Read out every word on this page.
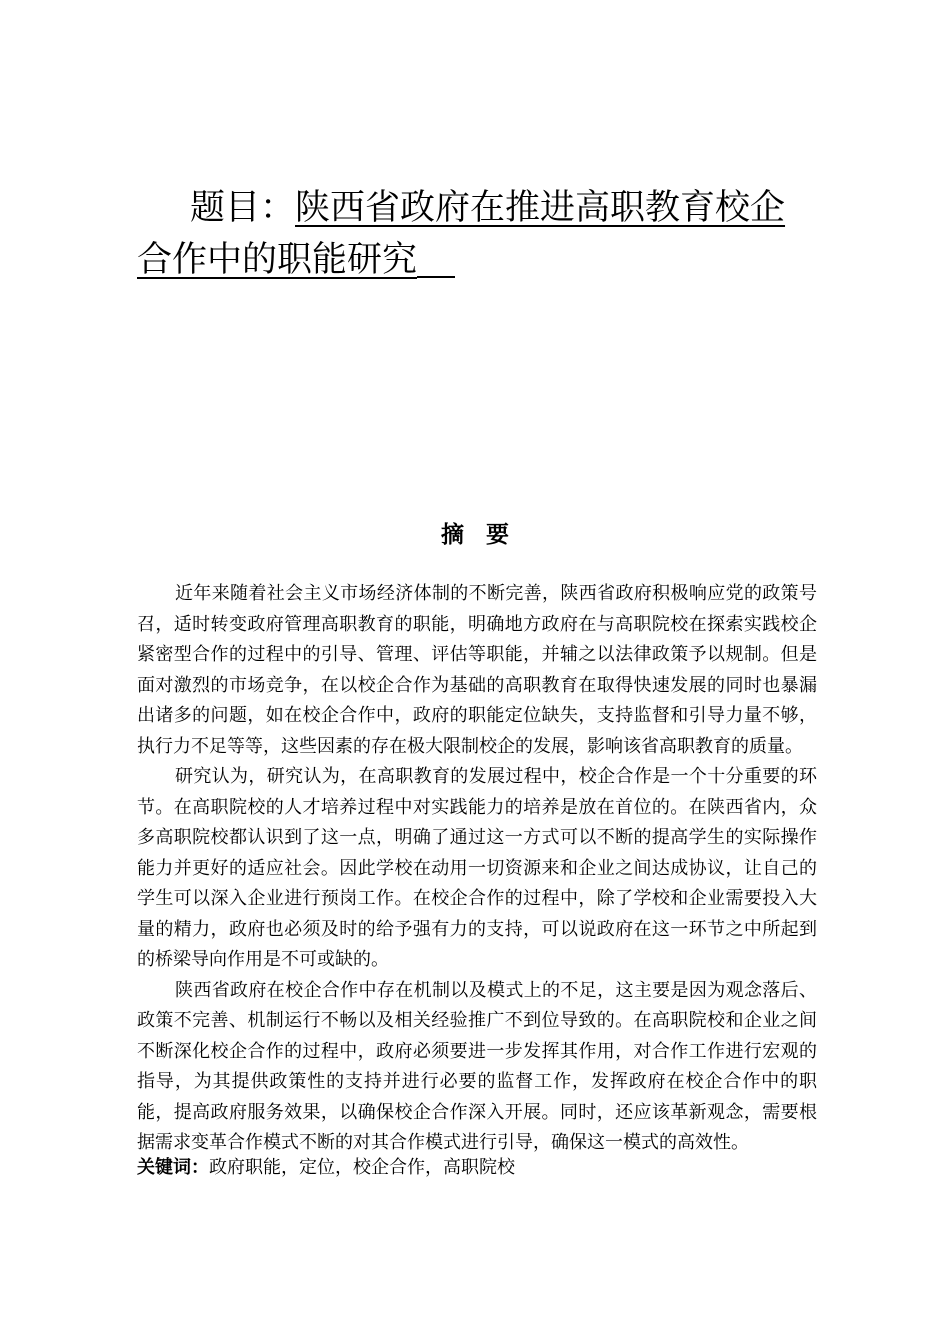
题目：陕西省政府在推进高职教育校企
合作中的职能研究
摘要

近年来随着社会主义市场经济体制的不断完善，陕西省政府积极响应党的政策号召，适时转变政府管理高职教育的职能，明确地方政府在与高职院校在探索实践校企紧密型合作的过程中的引导、管理、评估等职能，并辅之以法律政策予以规制。但是面对激烈的市场竞争，在以校企合作为基础的高职教育在取得快速发展的同时也暴漏出诸多的问题，如在校企合作中，政府的职能定位缺失，支持监督和引导力量不够，执行力不足等等，这些因素的存在极大限制校企的发展，影响该省高职教育的质量。

研究认为，研究认为，在高职教育的发展过程中，校企合作是一个十分重要的环节。在高职院校的人才培养过程中对实践能力的培养是放在首位的。在陕西省内，众多高职院校都认识到了这一点，明确了通过这一方式可以不断的提高学生的实际操作能力并更好的适应社会。因此学校在动用一切资源来和企业之间达成协议，让自己的学生可以深入企业进行预岗工作。在校企合作的过程中，除了学校和企业需要投入大量的精力，政府也必须及时的给予强有力的支持，可以说政府在这一环节之中所起到的桥梁导向作用是不可或缺的。

陕西省政府在校企合作中存在机制以及模式上的不足，这主要是因为观念落后、政策不完善、机制运行不畅以及相关经验推广不到位导致的。在高职院校和企业之间不断深化校企合作的过程中，政府必须要进一步发挥其作用，对合作工作进行宏观的指导，为其提供政策性的支持并进行必要的监督工作，发挥政府在校企合作中的职能，提高政府服务效果，以确保校企合作深入开展。同时，还应该革新观念，需要根据需求变革合作模式不断的对其合作模式进行引导，确保这一模式的高效性。

关键词：政府职能，定位，校企合作，高职院校
